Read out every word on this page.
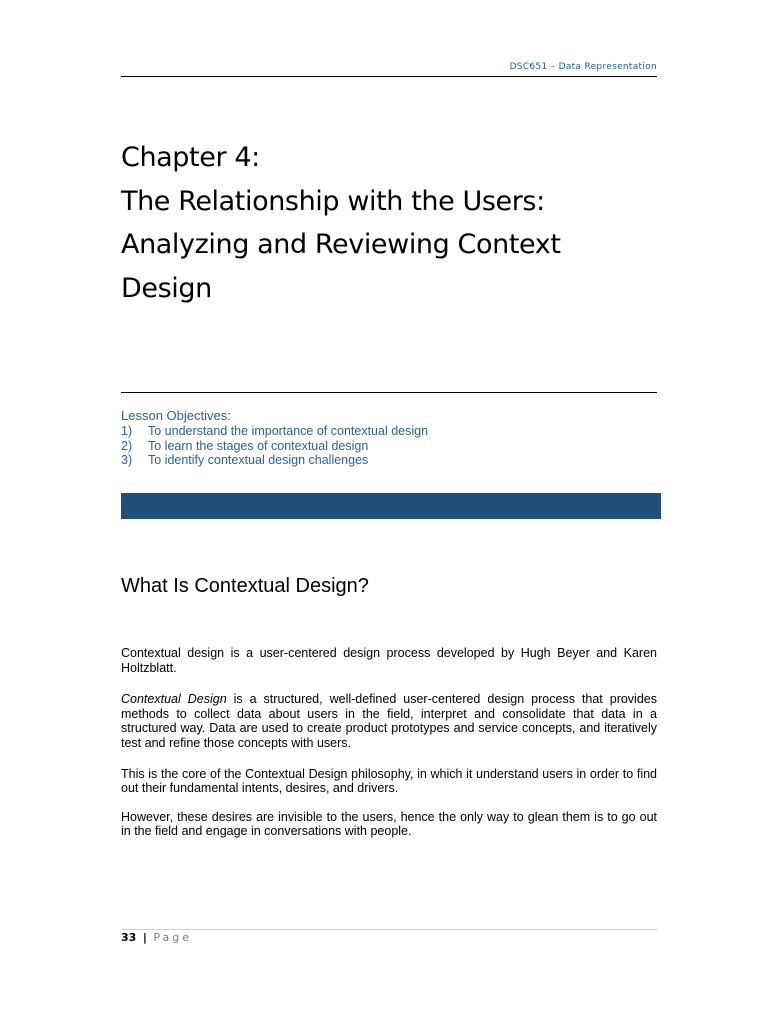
DSC651 – Data Representation
Chapter 4:
The Relationship with the Users:
Analyzing and Reviewing Context
Design
Lesson Objectives:
1)	To understand the importance of contextual design
2)	To learn the stages of contextual design
3)	To identify contextual design challenges
What Is Contextual Design?

Contextual design is a user-centered design process developed by Hugh Beyer and Karen Holtzblatt.

Contextual Design is a structured, well-defined user-centered design process that provides methods to collect data about users in the field, interpret and consolidate that data in a structured way. Data are used to create product prototypes and service concepts, and iteratively test and refine those concepts with users.

This is the core of the Contextual Design philosophy, in which it understand users in order to find out their fundamental intents, desires, and drivers.

However, these desires are invisible to the users, hence the only way to glean them is to go out in the field and engage in conversations with people.

33 | Page
